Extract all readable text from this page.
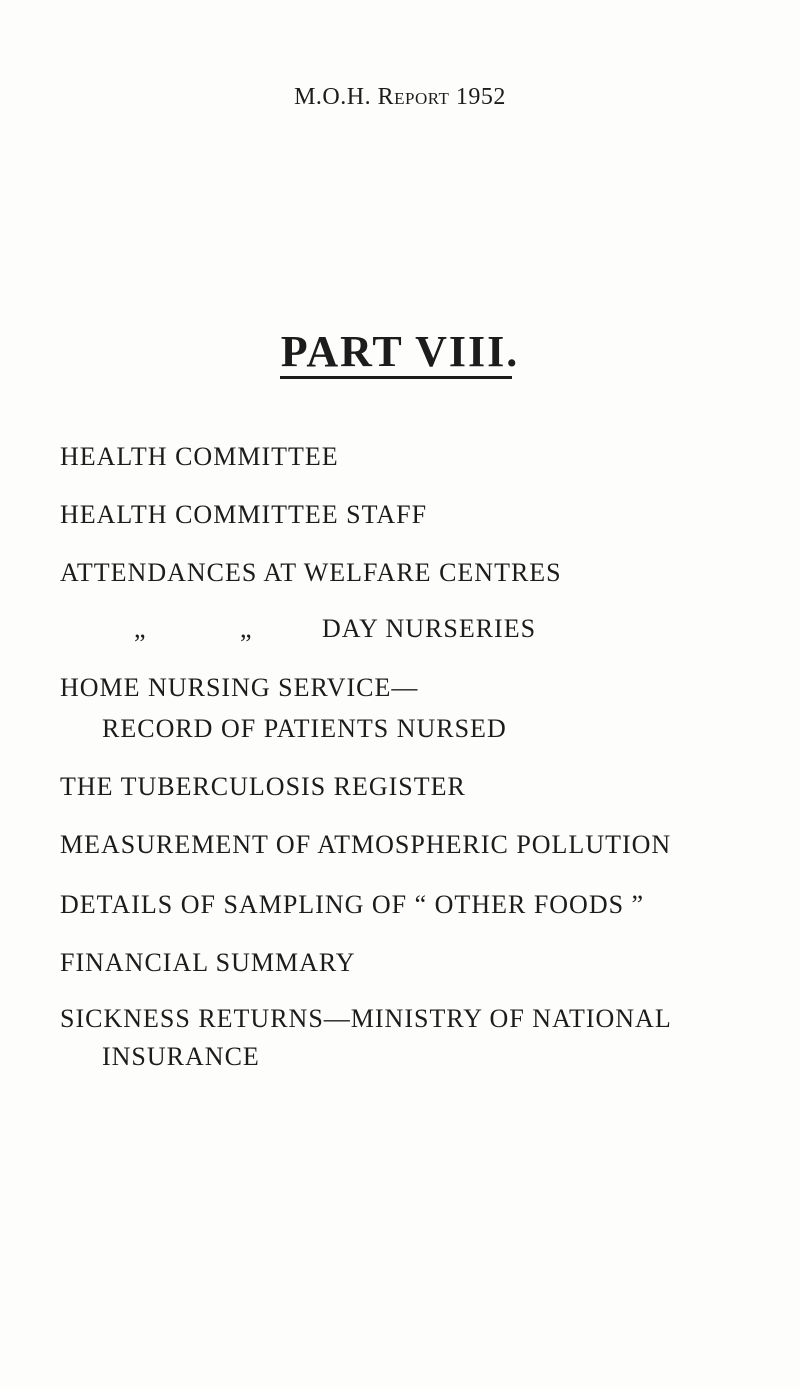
M.O.H. Report 1952
PART VIII.
HEALTH COMMITTEE
HEALTH COMMITTEE STAFF
ATTENDANCES AT WELFARE CENTRES
„	„	DAY NURSERIES
HOME NURSING SERVICE—
RECORD OF PATIENTS NURSED
THE TUBERCULOSIS REGISTER
MEASUREMENT OF ATMOSPHERIC POLLUTION
DETAILS OF SAMPLING OF “ OTHER FOODS ”
FINANCIAL SUMMARY
SICKNESS RETURNS—MINISTRY OF NATIONAL
INSURANCE
